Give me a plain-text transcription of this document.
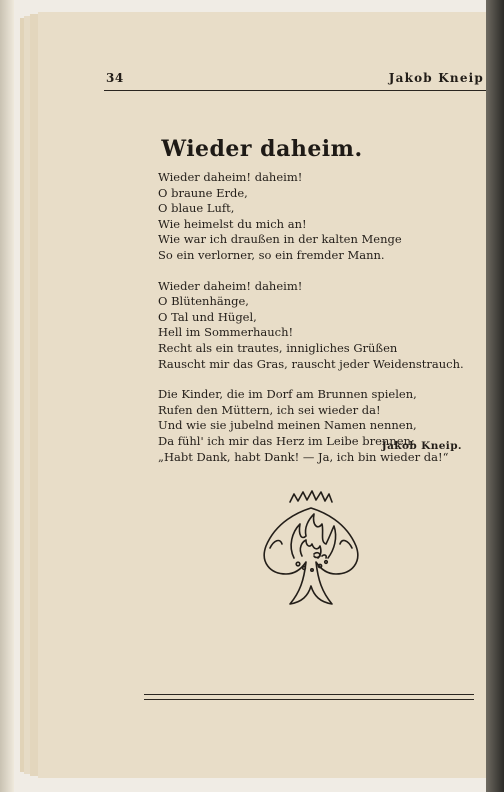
34	Jakob Kneip
Wieder daheim.
Wieder daheim! daheim!
O braune Erde,
O blaue Luft,
Wie heimelst du mich an!
Wie war ich draußen in der kalten Menge
So ein verlorner, so ein fremder Mann.
Wieder daheim! daheim!
O Blütenhänge,
O Tal und Hügel,
Hell im Sommerhauch!
Recht als ein trautes, innigliches Grüßen
Rauscht mir das Gras, rauscht jeder Weidenstrauch.
Die Kinder, die im Dorf am Brunnen spielen,
Rufen den Müttern, ich sei wieder da!
Und wie sie jubelnd meinen Namen nennen,
Da fühl' ich mir das Herz im Leibe brennen:
„Habt Dank, habt Dank! — Ja, ich bin wieder da!“
Jakob Kneip.
